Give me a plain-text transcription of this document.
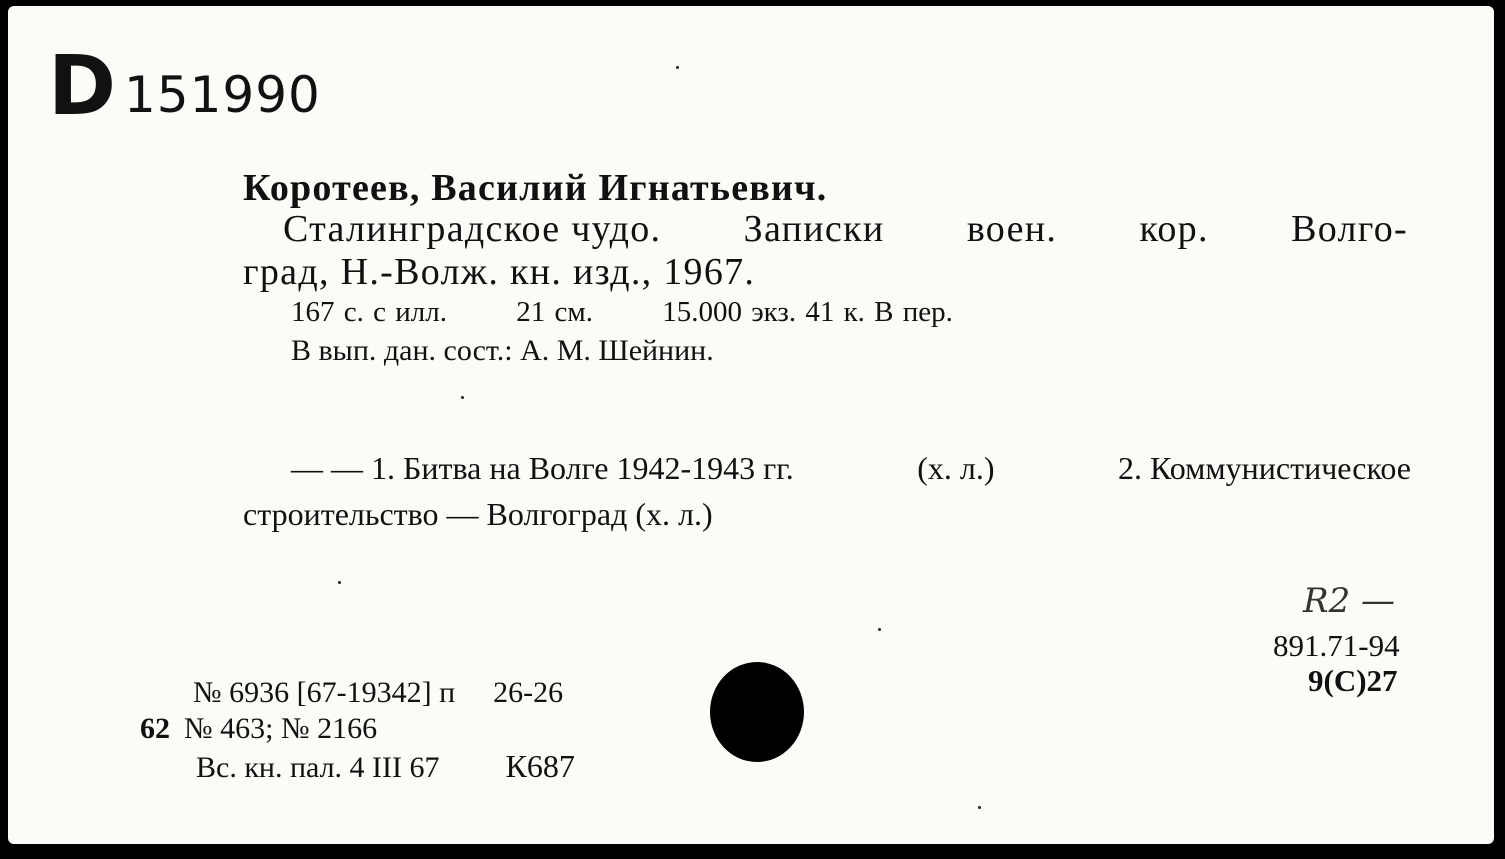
D 151990
Коротеев, Василий Игнатьевич.
Сталинградское чудо. Записки воен. кор. Волго-
град, Н.-Волж. кн. изд., 1967.
167 с. с илл. 21 см. 15.000 экз. 41 к. В пер.
В вып. дан. сост.: А. М. Шейнин.
— — 1. Битва на Волге 1942-1943 гг.	(х. л.)	2. Коммунистическое
строительство — Волгоград (х. л.)
R2 —
891.71-94
9(С)27
№ 6936 [67-19342] п 26-26
62 № 463; № 2166
Вс. кн. пал. 4 III 67 К687
